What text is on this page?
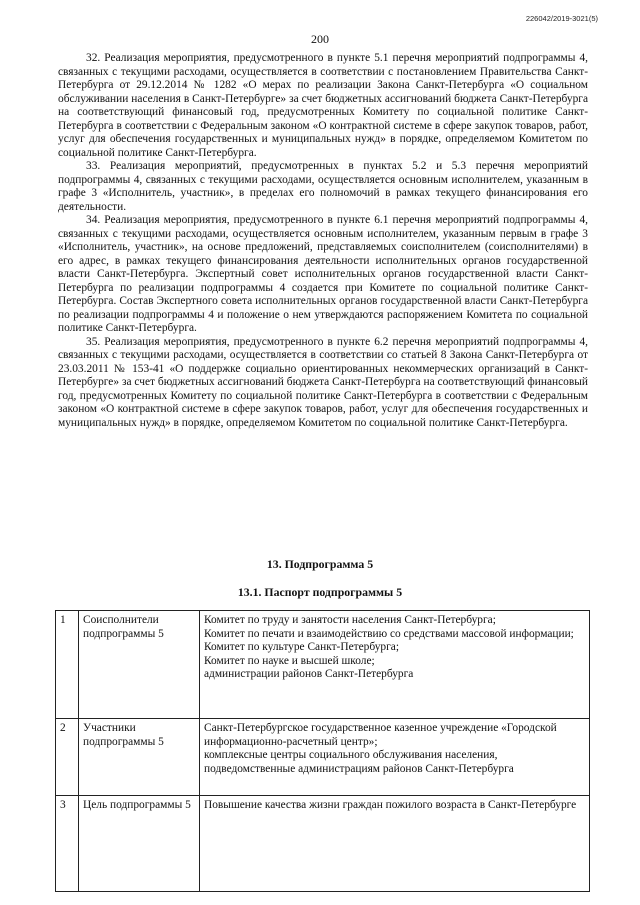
226042/2019-3021(5)
200

32. Реализация мероприятия, предусмотренного в пункте 5.1 перечня мероприятий подпрограммы 4, связанных с текущими расходами, осуществляется в соответствии с постановлением Правительства Санкт-Петербурга от 29.12.2014 № 1282 «О мерах по реализации Закона Санкт-Петербурга «О социальном обслуживании населения в Санкт-Петербурге» за счет бюджетных ассигнований бюджета Санкт-Петербурга на соответствующий финансовый год, предусмотренных Комитету по социальной политике Санкт-Петербурга в соответствии с Федеральным законом «О контрактной системе в сфере закупок товаров, работ, услуг для обеспечения государственных и муниципальных нужд» в порядке, определяемом Комитетом по социальной политике Санкт-Петербурга.

33. Реализация мероприятий, предусмотренных в пунктах 5.2 и 5.3 перечня мероприятий подпрограммы 4, связанных с текущими расходами, осуществляется основным исполнителем, указанным в графе 3 «Исполнитель, участник», в пределах его полномочий в рамках текущего финансирования его деятельности.

34. Реализация мероприятия, предусмотренного в пункте 6.1 перечня мероприятий подпрограммы 4, связанных с текущими расходами, осуществляется основным исполнителем, указанным первым в графе 3 «Исполнитель, участник», на основе предложений, представляемых соисполнителем (соисполнителями) в его адрес, в рамках текущего финансирования деятельности исполнительных органов государственной власти Санкт-Петербурга. Экспертный совет исполнительных органов государственной власти Санкт-Петербурга по реализации подпрограммы 4 создается при Комитете по социальной политике Санкт-Петербурга. Состав Экспертного совета исполнительных органов государственной власти Санкт-Петербурга по реализации подпрограммы 4 и положение о нем утверждаются распоряжением Комитета по социальной политике Санкт-Петербурга.

35. Реализация мероприятия, предусмотренного в пункте 6.2 перечня мероприятий подпрограммы 4, связанных с текущими расходами, осуществляется в соответствии со статьей 8 Закона Санкт-Петербурга от 23.03.2011 № 153-41 «О поддержке социально ориентированных некоммерческих организаций в Санкт-Петербурге» за счет бюджетных ассигнований бюджета Санкт-Петербурга на соответствующий финансовый год, предусмотренных Комитету по социальной политике Санкт-Петербурга в соответствии с Федеральным законом «О контрактной системе в сфере закупок товаров, работ, услуг для обеспечения государственных и муниципальных нужд» в порядке, определяемом Комитетом по социальной политике Санкт-Петербурга.

13. Подпрограмма 5
13.1. Паспорт подпрограммы 5
1	Соисполнители подпрограммы 5	Комитет по труду и занятости населения Санкт-Петербурга;
Комитет по печати и взаимодействию со средствами массовой информации;
Комитет по культуре Санкт-Петербурга;
Комитет по науке и высшей школе;
администрации районов Санкт-Петербурга

2	Участники подпрограммы 5	Санкт-Петербургское государственное казенное учреждение «Городской информационно-расчетный центр»;
комплексные центры социального обслуживания населения, подведомственные администрациям районов Санкт-Петербурга

3	Цель подпрограммы 5	Повышение качества жизни граждан пожилого возраста в Санкт-Петербурге
